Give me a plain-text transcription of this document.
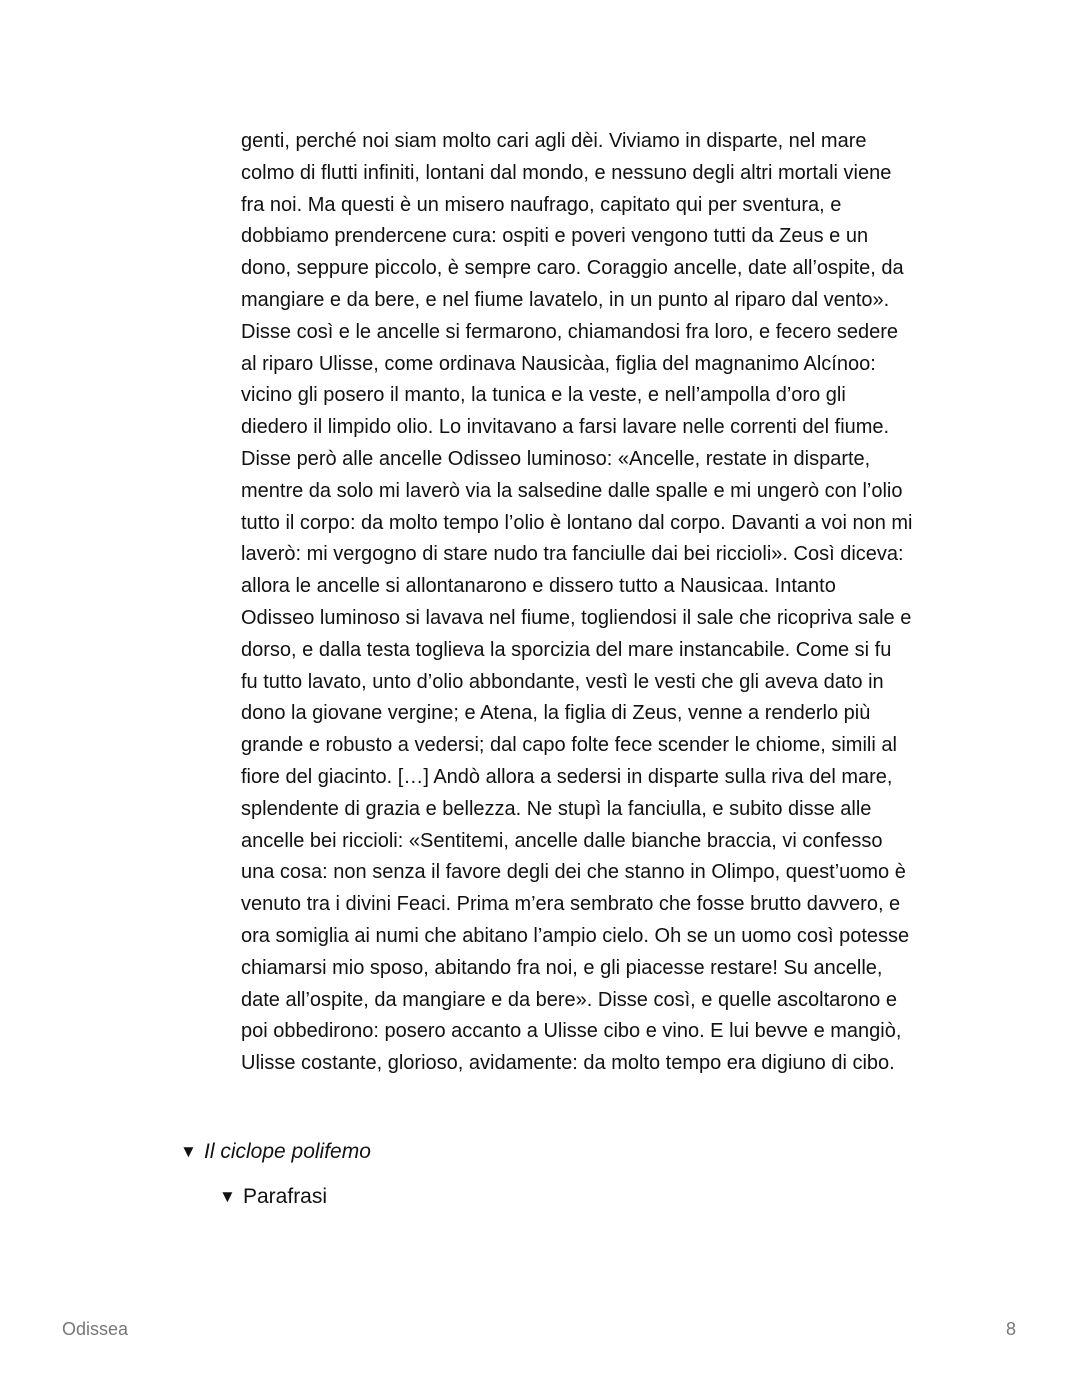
genti, perché noi siam molto cari agli dèi. Viviamo in disparte, nel mare
colmo di flutti infiniti, lontani dal mondo, e nessuno degli altri mortali viene
fra noi. Ma questi è un misero naufrago, capitato qui per sventura, e
dobbiamo prendercene cura: ospiti e poveri vengono tutti da Zeus e un
dono, seppure piccolo, è sempre caro. Coraggio ancelle, date all’ospite, da
mangiare e da bere, e nel fiume lavatelo, in un punto al riparo dal vento».
Disse così e le ancelle si fermarono, chiamandosi fra loro, e fecero sedere
al riparo Ulisse, come ordinava Nausicàa, figlia del magnanimo Alcínoo:
vicino gli posero il manto, la tunica e la veste, e nell’ampolla d’oro gli
diedero il limpido olio. Lo invitavano a farsi lavare nelle correnti del fiume.
Disse però alle ancelle Odisseo luminoso: «Ancelle, restate in disparte,
mentre da solo mi laverò via la salsedine dalle spalle e mi ungerò con l’olio
tutto il corpo: da molto tempo l’olio è lontano dal corpo. Davanti a voi non mi
laverò: mi vergogno di stare nudo tra fanciulle dai bei riccioli». Così diceva:
allora le ancelle si allontanarono e dissero tutto a Nausicaa. Intanto
Odisseo luminoso si lavava nel fiume, togliendosi il sale che ricopriva sale e
dorso, e dalla testa toglieva la sporcizia del mare instancabile. Come si fu
fu tutto lavato, unto d’olio abbondante, vestì le vesti che gli aveva dato in
dono la giovane vergine; e Atena, la figlia di Zeus, venne a renderlo più
grande e robusto a vedersi; dal capo folte fece scender le chiome, simili al
fiore del giacinto. […] Andò allora a sedersi in disparte sulla riva del mare,
splendente di grazia e bellezza. Ne stupì la fanciulla, e subito disse alle
ancelle bei riccioli: «Sentitemi, ancelle dalle bianche braccia, vi confesso
una cosa: non senza il favore degli dei che stanno in Olimpo, quest’uomo è
venuto tra i divini Feaci. Prima m’era sembrato che fosse brutto davvero, e
ora somiglia ai numi che abitano l’ampio cielo. Oh se un uomo così potesse
chiamarsi mio sposo, abitando fra noi, e gli piacesse restare! Su ancelle,
date all’ospite, da mangiare e da bere». Disse così, e quelle ascoltarono e
poi obbedirono: posero accanto a Ulisse cibo e vino. E lui bevve e mangiò,
Ulisse costante, glorioso, avidamente: da molto tempo era digiuno di cibo.
▼ Il ciclope polifemo
▼ Parafrasi
Odissea	8
